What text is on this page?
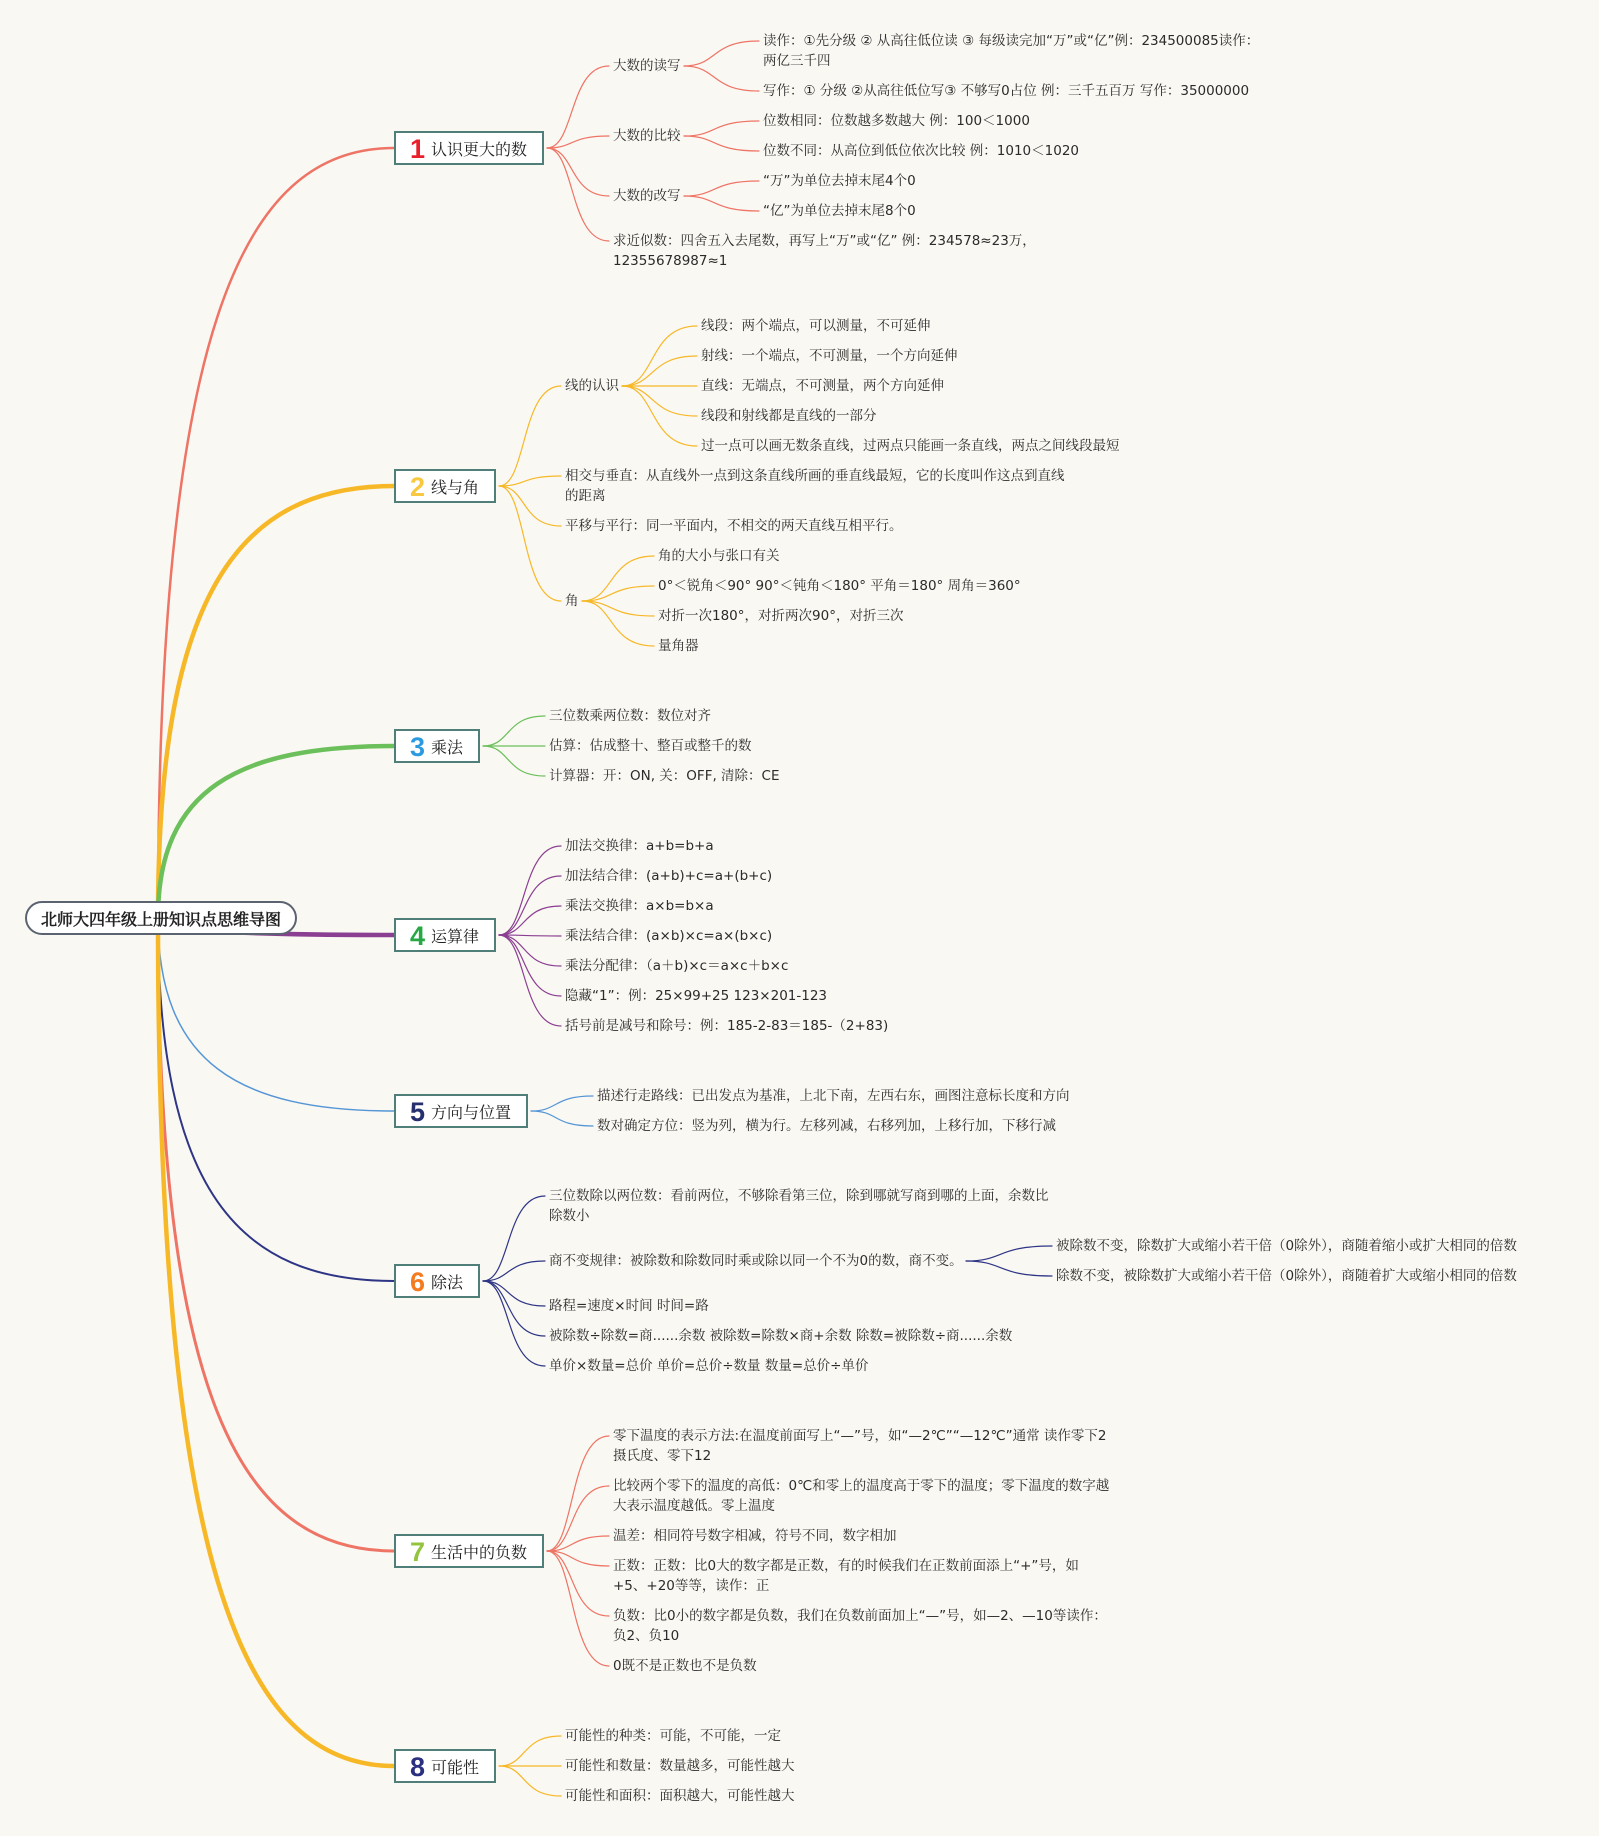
北师大四年级上册知识点思维导图
1 认识更大的数
大数的读写
读作：①先分级 ② 从高往低位读 ③ 每级读完加“万”或“亿”例：234500085读作：两亿三千四
写作：① 分级 ②从高往低位写③ 不够写0占位 例：三千五百万 写作：35000000
大数的比较
位数相同：位数越多数越大 例：100＜1000
位数不同：从高位到低位依次比较 例：1010＜1020
大数的改写
“万”为单位去掉末尾4个0
“亿”为单位去掉末尾8个0
求近似数：四舍五入去尾数，再写上“万”或“亿” 例：234578≈23万，12355678987≈1
2 线与角
线的认识
线段：两个端点，可以测量，不可延伸
射线：一个端点，不可测量，一个方向延伸
直线：无端点，不可测量，两个方向延伸
线段和射线都是直线的一部分
过一点可以画无数条直线，过两点只能画一条直线，两点之间线段最短
相交与垂直：从直线外一点到这条直线所画的垂直线最短，它的长度叫作这点到直线的距离
平移与平行：同一平面内，不相交的两天直线互相平行。
角
角的大小与张口有关
0°＜锐角＜90° 90°＜钝角＜180° 平角＝180° 周角＝360°
对折一次180°，对折两次90°，对折三次
量角器
3 乘法
三位数乘两位数：数位对齐
估算：估成整十、整百或整千的数
计算器：开：ON, 关：OFF, 清除：CE
4 运算律
加法交换律：a+b=b+a
加法结合律：(a+b)+c=a+(b+c)
乘法交换律：a×b=b×a
乘法结合律：(a×b)×c=a×(b×c)
乘法分配律：（a＋b)×c＝a×c＋b×c
隐藏“1”：例：25×99+25 123×201-123
括号前是减号和除号：例：185-2-83＝185-（2+83)
5 方向与位置
描述行走路线：已出发点为基准，上北下南，左西右东，画图注意标长度和方向
数对确定方位：竖为列，横为行。左移列减，右移列加，上移行加，下移行减
6 除法
三位数除以两位数：看前两位，不够除看第三位，除到哪就写商到哪的上面，余数比除数小
商不变规律：被除数和除数同时乘或除以同一个不为0的数，商不变。
被除数不变，除数扩大或缩小若干倍（0除外），商随着缩小或扩大相同的倍数
除数不变，被除数扩大或缩小若干倍（0除外），商随着扩大或缩小相同的倍数
路程=速度×时间 时间=路
被除数÷除数=商......余数 被除数=除数×商+余数 除数=被除数÷商......余数
单价×数量=总价 单价=总价÷数量 数量=总价÷单价
7 生活中的负数
零下温度的表示方法:在温度前面写上“—”号，如“—2℃”“—12℃”通常 读作零下2摄氏度、零下12
比较两个零下的温度的高低：0℃和零上的温度高于零下的温度；零下温度的数字越大表示温度越低。零上温度
温差：相同符号数字相减，符号不同，数字相加
正数：正数：比0大的数字都是正数，有的时候我们在正数前面添上“+”号，如+5、+20等等，读作：正
负数：比0小的数字都是负数，我们在负数前面加上“—”号，如—2、—10等读作：负2、负10
0既不是正数也不是负数
8 可能性
可能性的种类：可能，不可能，一定
可能性和数量：数量越多，可能性越大
可能性和面积：面积越大，可能性越大
